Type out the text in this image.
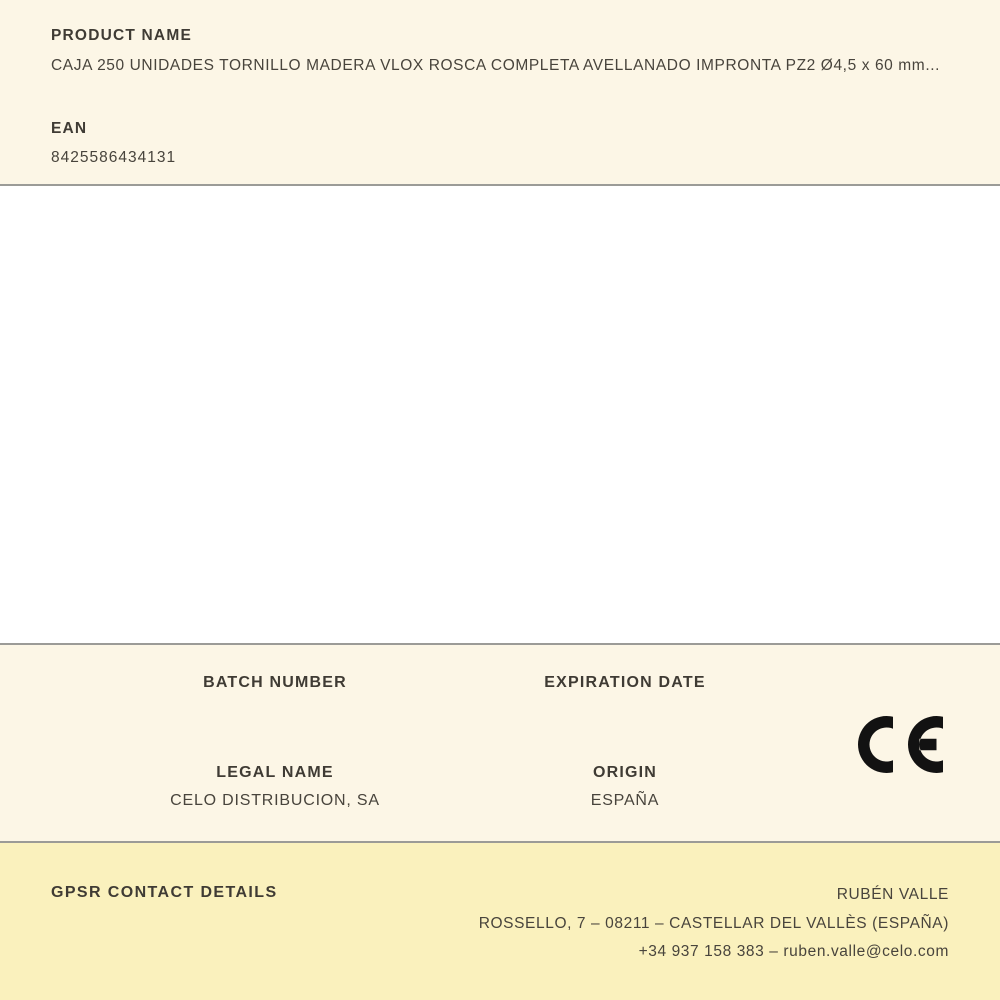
PRODUCT NAME
CAJA 250 UNIDADES TORNILLO MADERA VLOX ROSCA COMPLETA AVELLANADO IMPRONTA PZ2 Ø4,5 x 60 mm...
EAN
8425586434131
BATCH NUMBER	EXPIRATION DATE
LEGAL NAME
CELO DISTRIBUCION, SA
ORIGIN
ESPAÑA
GPSR CONTACT DETAILS	RUBÉN VALLE
ROSSELLO, 7 – 08211 – CASTELLAR DEL VALLÈS (ESPAÑA)
+34 937 158 383 – ruben.valle@celo.com
